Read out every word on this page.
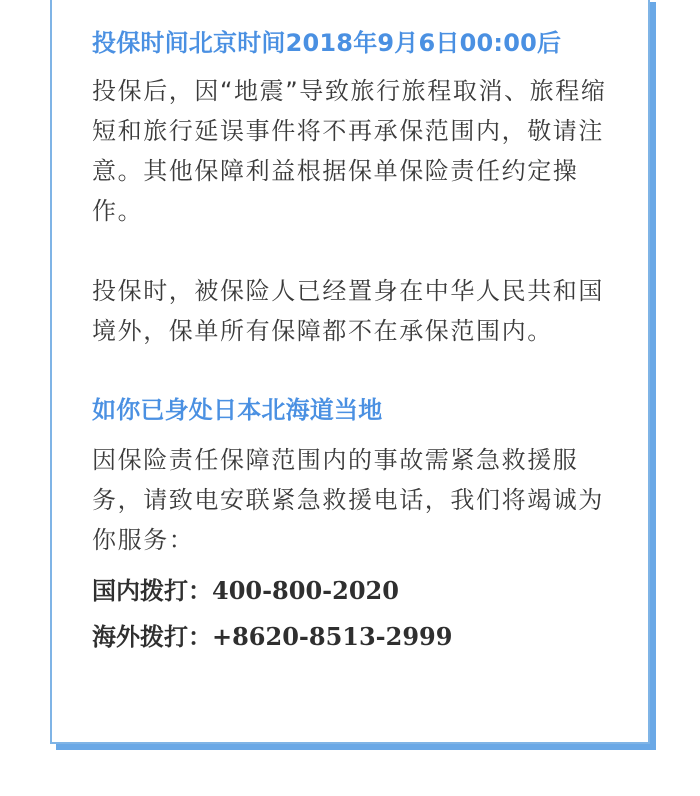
投保时间北京时间2018年9月6日00:00后

投保后，因“地震”导致旅行旅程取消、旅程缩短和旅行延误事件将不再承保范围内，敬请注意。其他保障利益根据保单保险责任约定操作。

投保时，被保险人已经置身在中华人民共和国境外，保单所有保障都不在承保范围内。

如你已身处日本北海道当地

因保险责任保障范围内的事故需紧急救援服务，请致电安联紧急救援电话，我们将竭诚为你服务：

国内拨打：400-800-2020
海外拨打：+8620-8513-2999
